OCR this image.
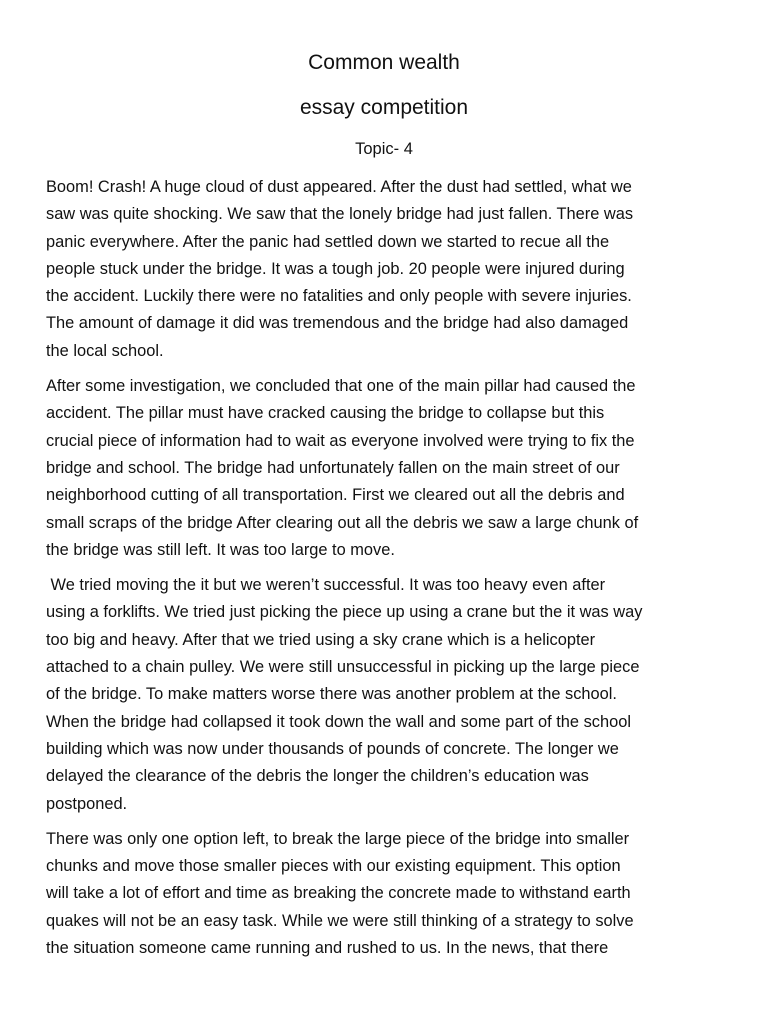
Common wealth
essay competition

Topic- 4

Boom! Crash! A huge cloud of dust appeared. After the dust had settled, what we
saw was quite shocking. We saw that the lonely bridge had just fallen. There was
panic everywhere. After the panic had settled down we started to recue all the
people stuck under the bridge. It was a tough job. 20 people were injured during
the accident. Luckily there were no fatalities and only people with severe injuries.
The amount of damage it did was tremendous and the bridge had also damaged
the local school.

After some investigation, we concluded that one of the main pillar had caused the
accident. The pillar must have cracked causing the bridge to collapse but this
crucial piece of information had to wait as everyone involved were trying to fix the
bridge and school. The bridge had unfortunately fallen on the main street of our
neighborhood cutting of all transportation. First we cleared out all the debris and
small scraps of the bridge After clearing out all the debris we saw a large chunk of
the bridge was still left. It was too large to move.

We tried moving the it but we weren’t successful. It was too heavy even after
using a forklifts. We tried just picking the piece up using a crane but the it was way
too big and heavy. After that we tried using a sky crane which is a helicopter
attached to a chain pulley. We were still unsuccessful in picking up the large piece
of the bridge. To make matters worse there was another problem at the school.
When the bridge had collapsed it took down the wall and some part of the school
building which was now under thousands of pounds of concrete. The longer we
delayed the clearance of the debris the longer the children’s education was
postponed.

There was only one option left, to break the large piece of the bridge into smaller
chunks and move those smaller pieces with our existing equipment. This option
will take a lot of effort and time as breaking the concrete made to withstand earth
quakes will not be an easy task. While we were still thinking of a strategy to solve
the situation someone came running and rushed to us. In the news, that there
